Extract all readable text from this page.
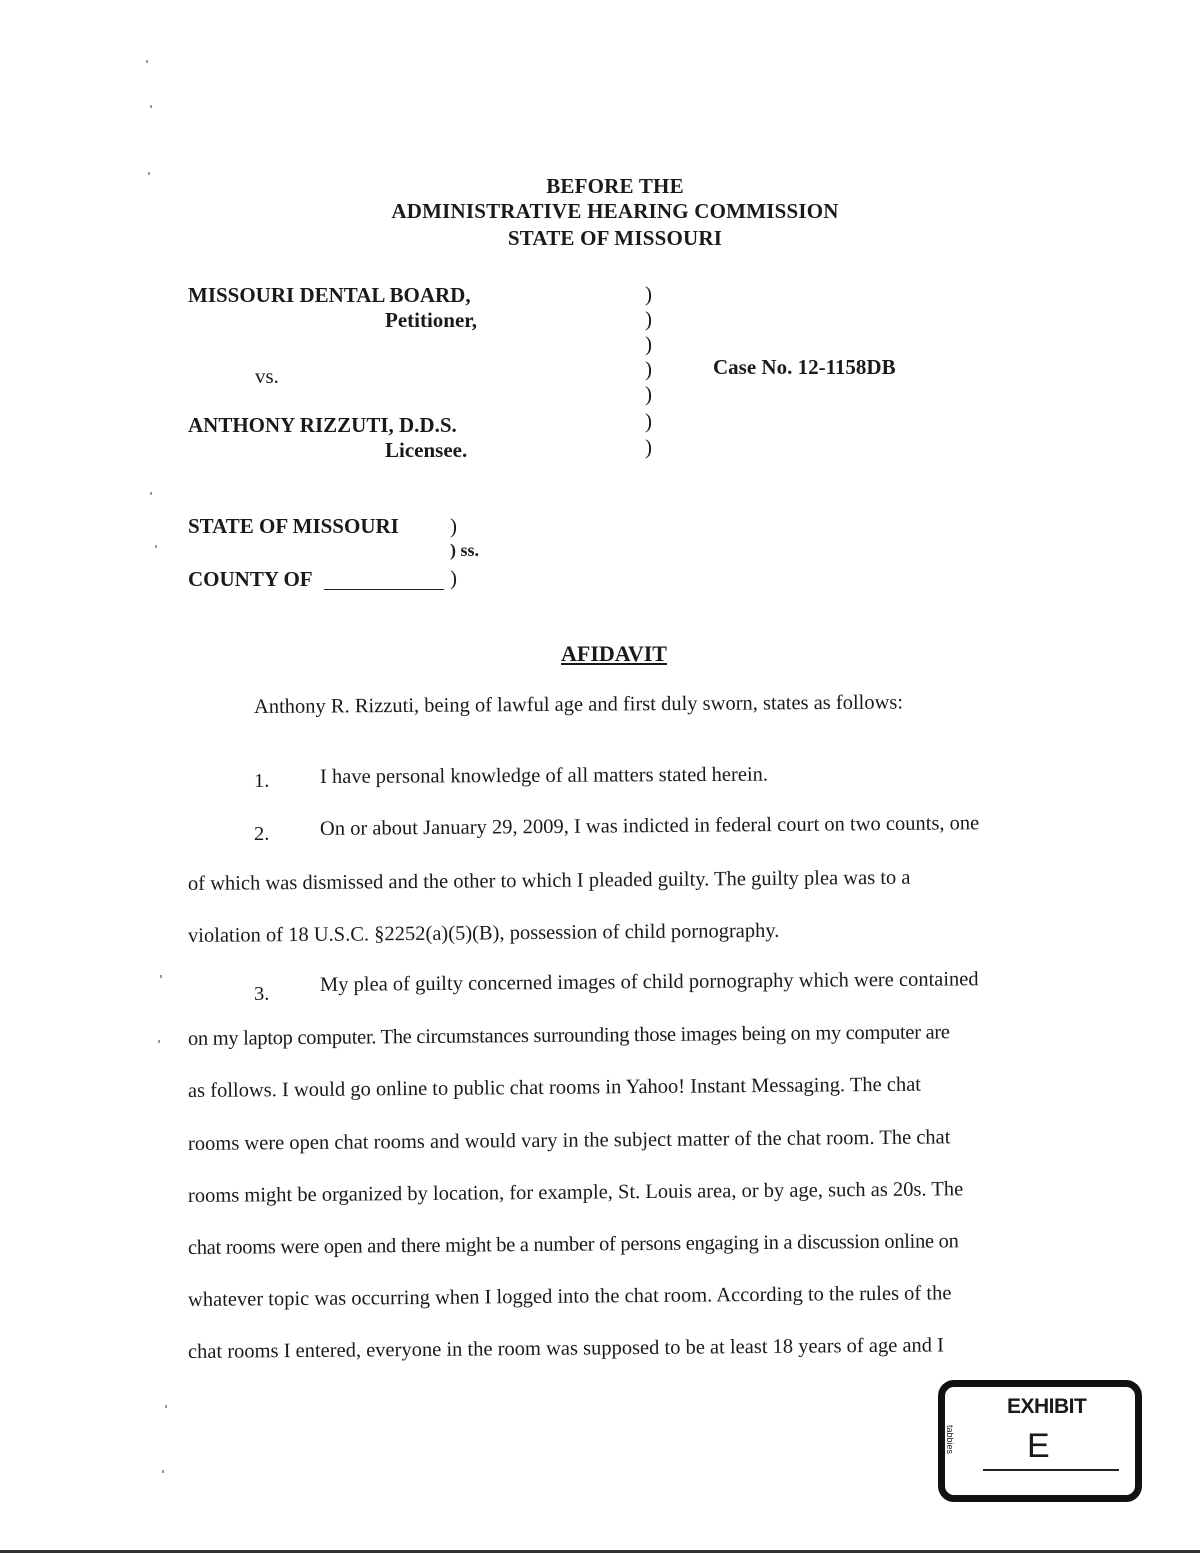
BEFORE THE
ADMINISTRATIVE HEARING COMMISSION
STATE OF MISSOURI
MISSOURI DENTAL BOARD,
Petitioner,
vs.
ANTHONY RIZZUTI, D.D.S.
Licensee.
)
)
)
)
)
)
)
Case No. 12-1158DB
STATE OF MISSOURI )
) ss.
COUNTY OF	)
AFIDAVIT
Anthony R. Rizzuti, being of lawful age and first duly sworn, states as follows:
1. I have personal knowledge of all matters stated herein.
2. On or about January 29, 2009, I was indicted in federal court on two counts, one
of which was dismissed and the other to which I pleaded guilty. The guilty plea was to a
violation of 18 U.S.C. §2252(a)(5)(B), possession of child pornography.
3. My plea of guilty concerned images of child pornography which were contained
on my laptop computer. The circumstances surrounding those images being on my computer are
as follows. I would go online to public chat rooms in Yahoo! Instant Messaging. The chat
rooms were open chat rooms and would vary in the subject matter of the chat room. The chat
rooms might be organized by location, for example, St. Louis area, or by age, such as 20s. The
chat rooms were open and there might be a number of persons engaging in a discussion online on
whatever topic was occurring when I logged into the chat room. According to the rules of the
chat rooms I entered, everyone in the room was supposed to be at least 18 years of age and I
EXHIBIT
tabbies E
